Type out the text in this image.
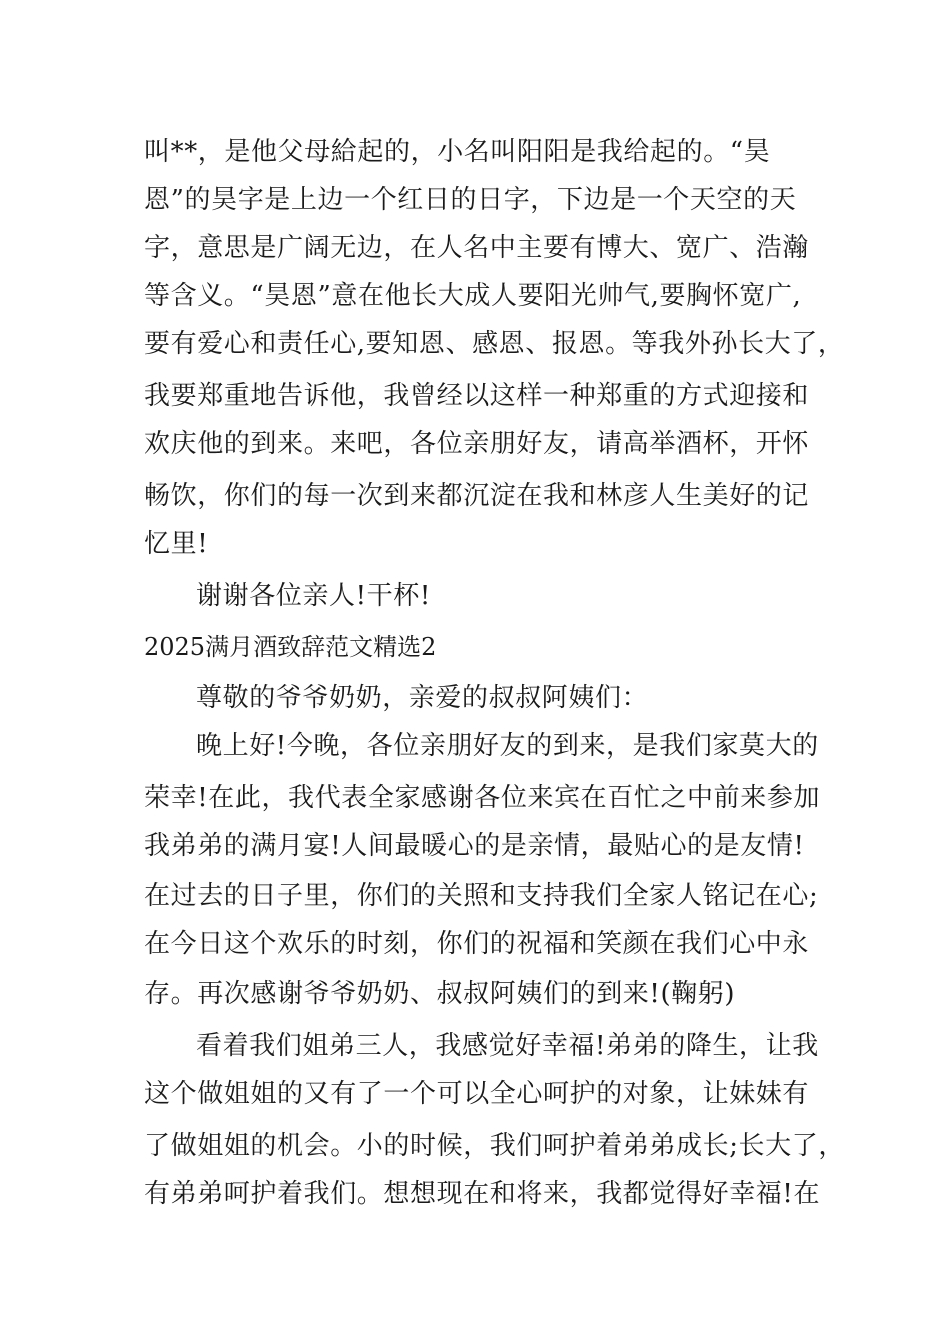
叫**，是他父母給起的，小名叫阳阳是我给起的。“昊
恩”的昊字是上边一个红日的日字，下边是一个天空的天
字，意思是广阔无边，在人名中主要有博大、宽广、浩瀚
等含义。“昊恩”意在他长大成人要阳光帅气,要胸怀宽广,
要有爱心和责任心,要知恩、感恩、报恩。等我外孙长大了，
我要郑重地告诉他，我曾经以这样一种郑重的方式迎接和
欢庆他的到来。来吧，各位亲朋好友，请高举酒杯，开怀
畅饮，你们的每一次到来都沉淀在我和林彦人生美好的记
忆里!
谢谢各位亲人!干杯!
2025满月酒致辞范文精选2
尊敬的爷爷奶奶，亲爱的叔叔阿姨们：
晚上好!今晚，各位亲朋好友的到来，是我们家莫大的
荣幸!在此，我代表全家感谢各位来宾在百忙之中前来参加
我弟弟的满月宴!人间最暖心的是亲情，最贴心的是友情!
在过去的日子里，你们的关照和支持我们全家人铭记在心;
在今日这个欢乐的时刻，你们的祝福和笑颜在我们心中永
存。再次感谢爷爷奶奶、叔叔阿姨们的到来!(鞠躬)
看着我们姐弟三人，我感觉好幸福!弟弟的降生，让我
这个做姐姐的又有了一个可以全心呵护的对象，让妹妹有
了做姐姐的机会。小的时候，我们呵护着弟弟成长;长大了，
有弟弟呵护着我们。想想现在和将来，我都觉得好幸福!在
